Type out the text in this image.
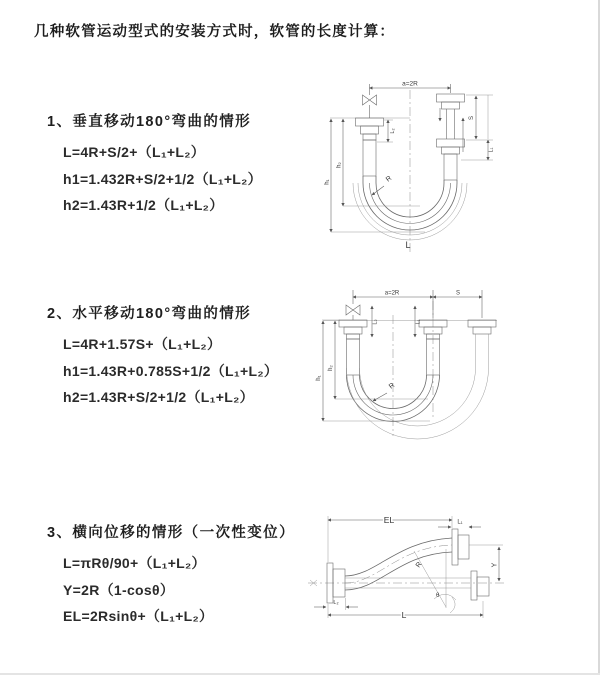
几种软管运动型式的安装方式时，软管的长度计算：
1、垂直移动180°弯曲的情形

L=4R+S/2+（L₁+L₂）

h1=1.432R+S/2+1/2（L₁+L₂）

h2=1.43R+1/2（L₁+L₂）

2、水平移动180°弯曲的情形

L=4R+1.57S+（L₁+L₂）

h1=1.43R+0.785S+1/2（L₁+L₂）

h2=1.43R+S/2+1/2（L₁+L₂）

3、横向位移的情形（一次性变位）

L=πRθ/90+（L₁+L₂）

Y=2R（1-cosθ）

EL=2Rsinθ+（L₁+L₂）

a=2R
h₁
h₂
L₂
S
L₁
R
L
a=2R	S
h₁
h₂
L₂	L₁
R
EL	L₁
θ
R	Y
L₂
L
